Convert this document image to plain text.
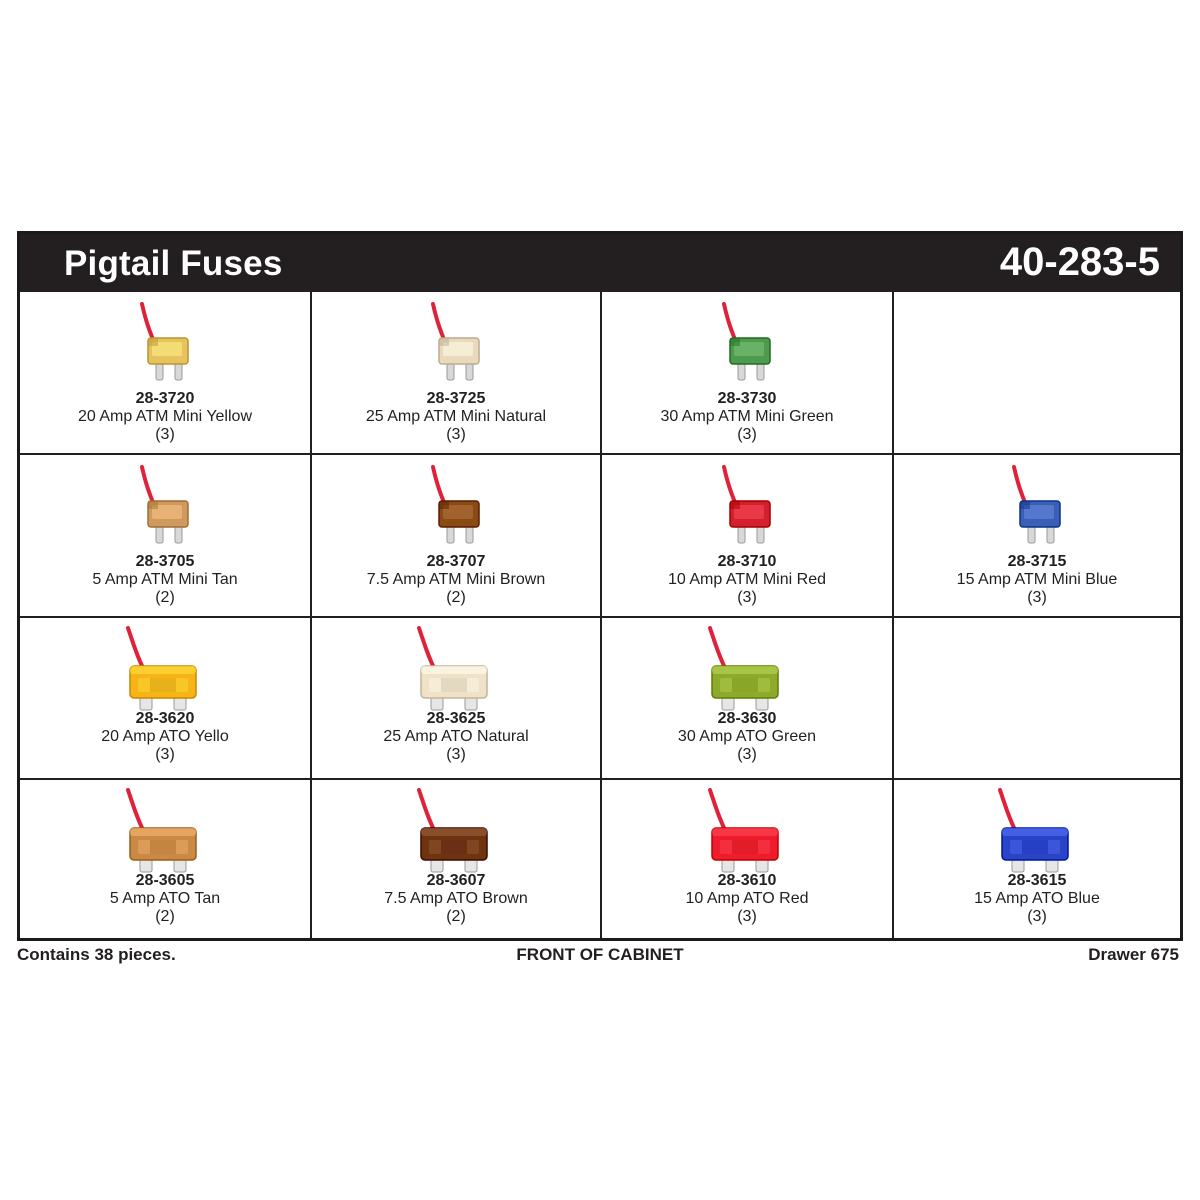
Pigtail Fuses	40-283-5
28-3720
20 Amp ATM Mini Yellow
(3)
28-3725
25 Amp ATM Mini Natural
(3)
28-3730
30 Amp ATM Mini Green
(3)
28-3705
5 Amp ATM Mini Tan
(2)
28-3707
7.5 Amp ATM Mini Brown
(2)
28-3710
10 Amp ATM Mini Red
(3)
28-3715
15 Amp ATM Mini Blue
(3)
28-3620
20 Amp ATO Yello
(3)
28-3625
25 Amp ATO Natural
(3)
28-3630
30 Amp ATO Green
(3)
28-3605
5 Amp ATO Tan
(2)
28-3607
7.5 Amp ATO Brown
(2)
28-3610
10 Amp ATO Red
(3)
28-3615
15 Amp ATO Blue
(3)
Contains 38 pieces.	FRONT OF CABINET	Drawer 675
